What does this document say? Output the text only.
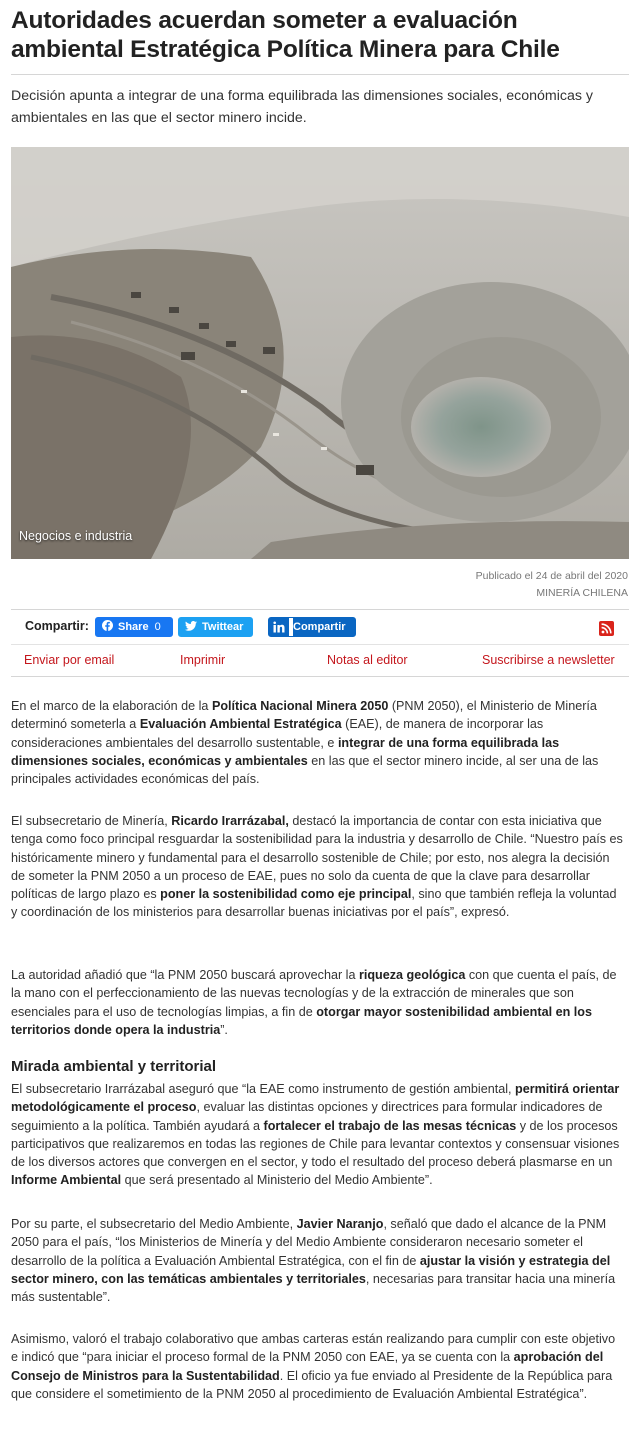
Autoridades acuerdan someter a evaluación ambiental Estratégica Política Minera para Chile

Decisión apunta a integrar de una forma equilibrada las dimensiones sociales, económicas y ambientales en las que el sector minero incide.

Negocios e industria
Publicado el 24 de abril del 2020
MINERÍA CHILENA
Compartir:	Share 0	Twittear	Compartir
Enviar por email	Imprimir	Notas al editor	Suscribirse a newsletter

En el marco de la elaboración de la Política Nacional Minera 2050 (PNM 2050), el Ministerio de Minería determinó someterla a Evaluación Ambiental Estratégica (EAE), de manera de incorporar las consideraciones ambientales del desarrollo sustentable, e integrar de una forma equilibrada las dimensiones sociales, económicas y ambientales en las que el sector minero incide, al ser una de las principales actividades económicas del país.

El subsecretario de Minería, Ricardo Irarrázabal, destacó la importancia de contar con esta iniciativa que tenga como foco principal resguardar la sostenibilidad para la industria y desarrollo de Chile. “Nuestro país es históricamente minero y fundamental para el desarrollo sostenible de Chile; por esto, nos alegra la decisión de someter la PNM 2050 a un proceso de EAE, pues no solo da cuenta de que la clave para desarrollar políticas de largo plazo es poner la sostenibilidad como eje principal, sino que también refleja la voluntad y coordinación de los ministerios para desarrollar buenas iniciativas por el país”, expresó.

La autoridad añadió que “la PNM 2050 buscará aprovechar la riqueza geológica con que cuenta el país, de la mano con el perfeccionamiento de las nuevas tecnologías y de la extracción de minerales que son esenciales para el uso de tecnologías limpias, a fin de otorgar mayor sostenibilidad ambiental en los territorios donde opera la industria”.

Mirada ambiental y territorial

El subsecretario Irarrázabal aseguró que “la EAE como instrumento de gestión ambiental, permitirá orientar metodológicamente el proceso, evaluar las distintas opciones y directrices para formular indicadores de seguimiento a la política. También ayudará a fortalecer el trabajo de las mesas técnicas y de los procesos participativos que realizaremos en todas las regiones de Chile para levantar contextos y consensuar visiones de los diversos actores que convergen en el sector, y todo el resultado del proceso deberá plasmarse en un Informe Ambiental que será presentado al Ministerio del Medio Ambiente”.

Por su parte, el subsecretario del Medio Ambiente, Javier Naranjo, señaló que dado el alcance de la PNM 2050 para el país, “los Ministerios de Minería y del Medio Ambiente consideraron necesario someter el desarrollo de la política a Evaluación Ambiental Estratégica, con el fin de ajustar la visión y estrategia del sector minero, con las temáticas ambientales y territoriales, necesarias para transitar hacia una minería más sustentable”.

Asimismo, valoró el trabajo colaborativo que ambas carteras están realizando para cumplir con este objetivo e indicó que “para iniciar el proceso formal de la PNM 2050 con EAE, ya se cuenta con la aprobación del Consejo de Ministros para la Sustentabilidad. El oficio ya fue enviado al Presidente de la República para que considere el sometimiento de la PNM 2050 al procedimiento de Evaluación Ambiental Estratégica”.
